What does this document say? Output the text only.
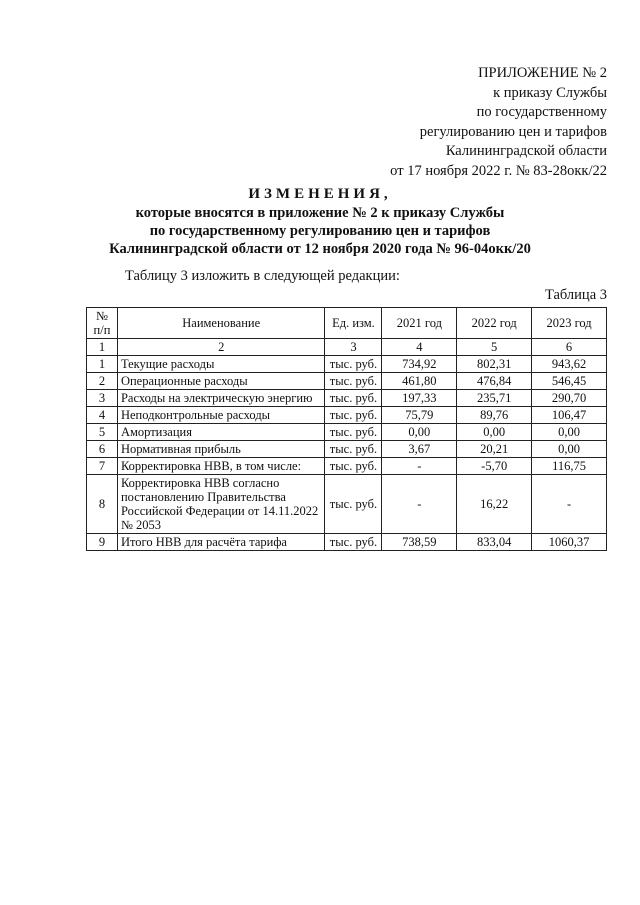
ПРИЛОЖЕНИЕ № 2
к приказу Службы
по государственному
регулированию цен и тарифов
Калининградской области
от 17 ноября 2022 г. № 83-28окк/22
ИЗМЕНЕНИЯ,
которые вносятся в приложение № 2 к приказу Службы
по государственному регулированию цен и тарифов
Калининградской области от 12 ноября 2020 года № 96-04окк/20
Таблицу 3 изложить в следующей редакции:
Таблица 3
№ п/п	Наименование	Ед. изм.	2021 год	2022 год	2023 год
1	2	3	4	5	6
1	Текущие расходы	тыс. руб.	734,92	802,31	943,62
2	Операционные расходы	тыс. руб.	461,80	476,84	546,45
3	Расходы на электрическую энергию	тыс. руб.	197,33	235,71	290,70
4	Неподконтрольные расходы	тыс. руб.	75,79	89,76	106,47
5	Амортизация	тыс. руб.	0,00	0,00	0,00
6	Нормативная прибыль	тыс. руб.	3,67	20,21	0,00
7	Корректировка НВВ, в том числе:	тыс. руб.	-	-5,70	116,75
8	Корректировка НВВ согласно постановлению Правительства Российской Федерации от 14.11.2022 № 2053	тыс. руб.	-	16,22	-
9	Итого НВВ для расчёта тарифа	тыс. руб.	738,59	833,04	1060,37
